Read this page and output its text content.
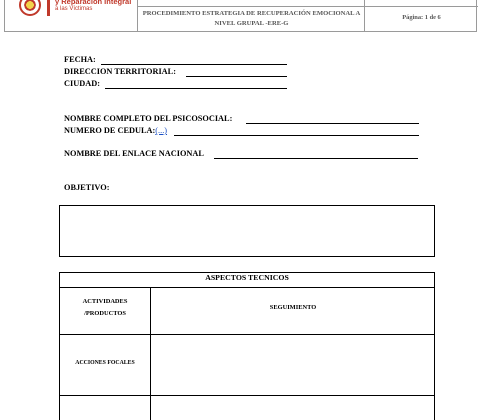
y Reparación Integral
a las Víctimas
PROCEDIMIENTO ESTRATEGIA DE RECUPERACIÓN EMOCIONAL A NIVEL GRUPAL -ERE-G
Página: 1 de 6
FECHA:
DIRECCION TERRITORIAL:
CIUDAD:
NOMBRE COMPLETO DEL PSICOSOCIAL:
NUMERO DE CEDULA:(...)
NOMBRE DEL ENLACE NACIONAL
OBJETIVO:
ASPECTOS TECNICOS
ACTIVIDADES /PRODUCTOS
SEGUIMIENTO
ACCIONES FOCALES
